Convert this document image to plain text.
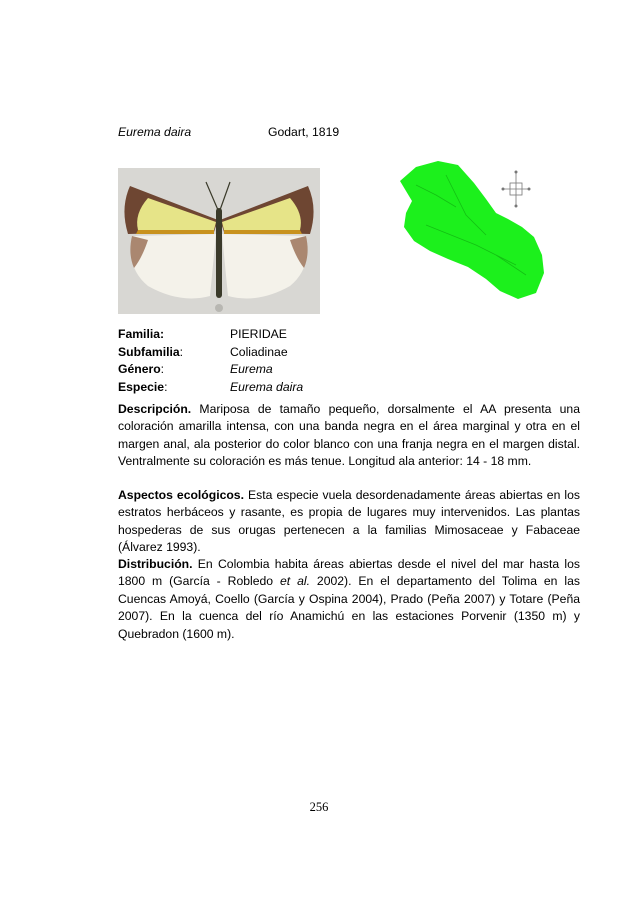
Eurema daira	Godart, 1819
Familia:	PIERIDAE
Subfamilia:	Coliadinae
Género:	Eurema
Especie:	Eurema daira

Descripción. Mariposa de tamaño pequeño, dorsalmente el AA presenta una coloración amarilla intensa, con una banda negra en el área marginal y otra en el margen anal, ala posterior do color blanco con una franja negra en el margen distal. Ventralmente su coloración es más tenue. Longitud ala anterior: 14 - 18 mm.

Aspectos ecológicos. Esta especie vuela desordenadamente áreas abiertas en los estratos herbáceos y rasante, es propia de lugares muy intervenidos. Las plantas hospederas de sus orugas pertenecen a la familias Mimosaceae y Fabaceae (Álvarez 1993).

Distribución. En Colombia habita áreas abiertas desde el nivel del mar hasta los 1800 m (García - Robledo et al. 2002). En el departamento del Tolima en las Cuencas Amoyá, Coello (García y Ospina 2004), Prado (Peña 2007) y Totare (Peña 2007). En la cuenca del río Anamichú en las estaciones Porvenir (1350 m) y Quebradon (1600 m).

256
